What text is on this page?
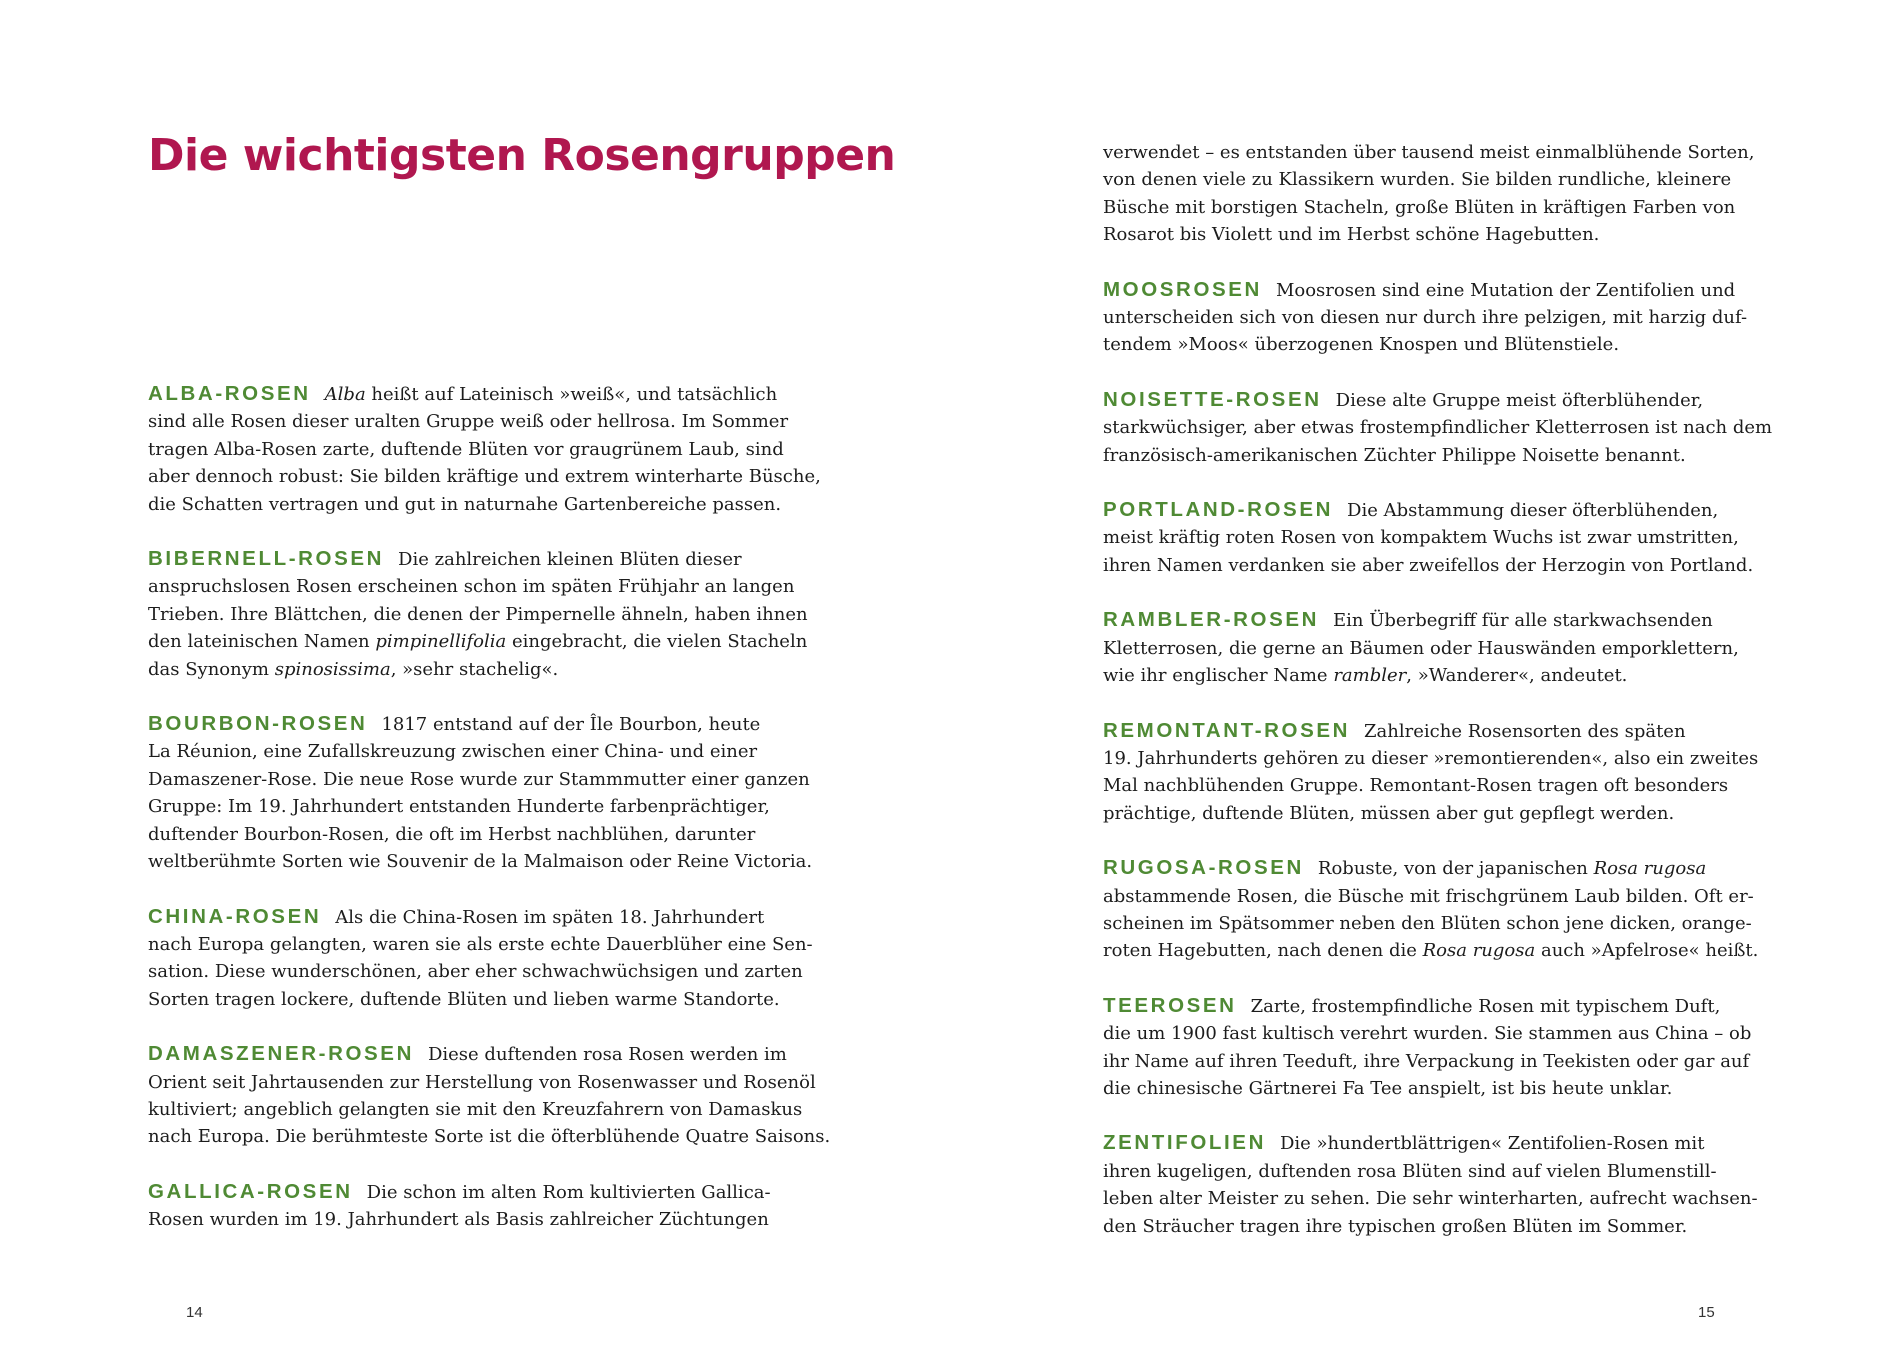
Die wichtigsten Rosengruppen

ALBA-ROSEN Alba heißt auf Lateinisch »weiß«, und tatsächlich
sind alle Rosen dieser uralten Gruppe weiß oder hellrosa. Im Sommer
tragen Alba-Rosen zarte, duftende Blüten vor graugrünem Laub, sind
aber dennoch robust: Sie bilden kräftige und extrem winterharte Büsche,
die Schatten vertragen und gut in naturnahe Gartenbereiche passen.

BIBERNELL-ROSEN Die zahlreichen kleinen Blüten dieser
anspruchslosen Rosen erscheinen schon im späten Frühjahr an langen
Trieben. Ihre Blättchen, die denen der Pimpernelle ähneln, haben ihnen
den lateinischen Namen pimpinellifolia eingebracht, die vielen Stacheln
das Synonym spinosissima, »sehr stachelig«.

BOURBON-ROSEN 1817 entstand auf der Île Bourbon, heute
La Réunion, eine Zufallskreuzung zwischen einer China- und einer
Damaszener-Rose. Die neue Rose wurde zur Stammmutter einer ganzen
Gruppe: Im 19. Jahrhundert entstanden Hunderte farbenprächtiger,
duftender Bourbon-Rosen, die oft im Herbst nachblühen, darunter
weltberühmte Sorten wie Souvenir de la Malmaison oder Reine Victoria.

CHINA-ROSEN Als die China-Rosen im späten 18. Jahrhundert
nach Europa gelangten, waren sie als erste echte Dauerblüher eine Sen-
sation. Diese wunderschönen, aber eher schwachwüchsigen und zarten
Sorten tragen lockere, duftende Blüten und lieben warme Standorte.

DAMASZENER-ROSEN Diese duftenden rosa Rosen werden im
Orient seit Jahrtausenden zur Herstellung von Rosenwasser und Rosenöl
kultiviert; angeblich gelangten sie mit den Kreuzfahrern von Damaskus
nach Europa. Die berühmteste Sorte ist die öfterblühende Quatre Saisons.

GALLICA-ROSEN Die schon im alten Rom kultivierten Gallica-
Rosen wurden im 19. Jahrhundert als Basis zahlreicher Züchtungen

14

verwendet – es entstanden über tausend meist einmalblühende Sorten,
von denen viele zu Klassikern wurden. Sie bilden rundliche, kleinere
Büsche mit borstigen Stacheln, große Blüten in kräftigen Farben von
Rosarot bis Violett und im Herbst schöne Hagebutten.

MOOSROSEN Moosrosen sind eine Mutation der Zentifolien und
unterscheiden sich von diesen nur durch ihre pelzigen, mit harzig duf-
tendem »Moos« überzogenen Knospen und Blütenstiele.

NOISETTE-ROSEN Diese alte Gruppe meist öfterblühender,
starkwüchsiger, aber etwas frostempfindlicher Kletterrosen ist nach dem
französisch-amerikanischen Züchter Philippe Noisette benannt.

PORTLAND-ROSEN Die Abstammung dieser öfterblühenden,
meist kräftig roten Rosen von kompaktem Wuchs ist zwar umstritten,
ihren Namen verdanken sie aber zweifellos der Herzogin von Portland.

RAMBLER-ROSEN Ein Überbegriff für alle starkwachsenden
Kletterrosen, die gerne an Bäumen oder Hauswänden emporklettern,
wie ihr englischer Name rambler, »Wanderer«, andeutet.

REMONTANT-ROSEN Zahlreiche Rosensorten des späten
19. Jahrhunderts gehören zu dieser »remontierenden«, also ein zweites
Mal nachblühenden Gruppe. Remontant-Rosen tragen oft besonders
prächtige, duftende Blüten, müssen aber gut gepflegt werden.

RUGOSA-ROSEN Robuste, von der japanischen Rosa rugosa
abstammende Rosen, die Büsche mit frischgrünem Laub bilden. Oft er-
scheinen im Spätsommer neben den Blüten schon jene dicken, orange-
roten Hagebutten, nach denen die Rosa rugosa auch »Apfelrose« heißt.

TEEROSEN Zarte, frostempfindliche Rosen mit typischem Duft,
die um 1900 fast kultisch verehrt wurden. Sie stammen aus China – ob
ihr Name auf ihren Teeduft, ihre Verpackung in Teekisten oder gar auf
die chinesische Gärtnerei Fa Tee anspielt, ist bis heute unklar.

ZENTIFOLIEN Die »hundertblättrigen« Zentifolien-Rosen mit
ihren kugeligen, duftenden rosa Blüten sind auf vielen Blumenstill-
leben alter Meister zu sehen. Die sehr winterharten, aufrecht wachsen-
den Sträucher tragen ihre typischen großen Blüten im Sommer.

15
